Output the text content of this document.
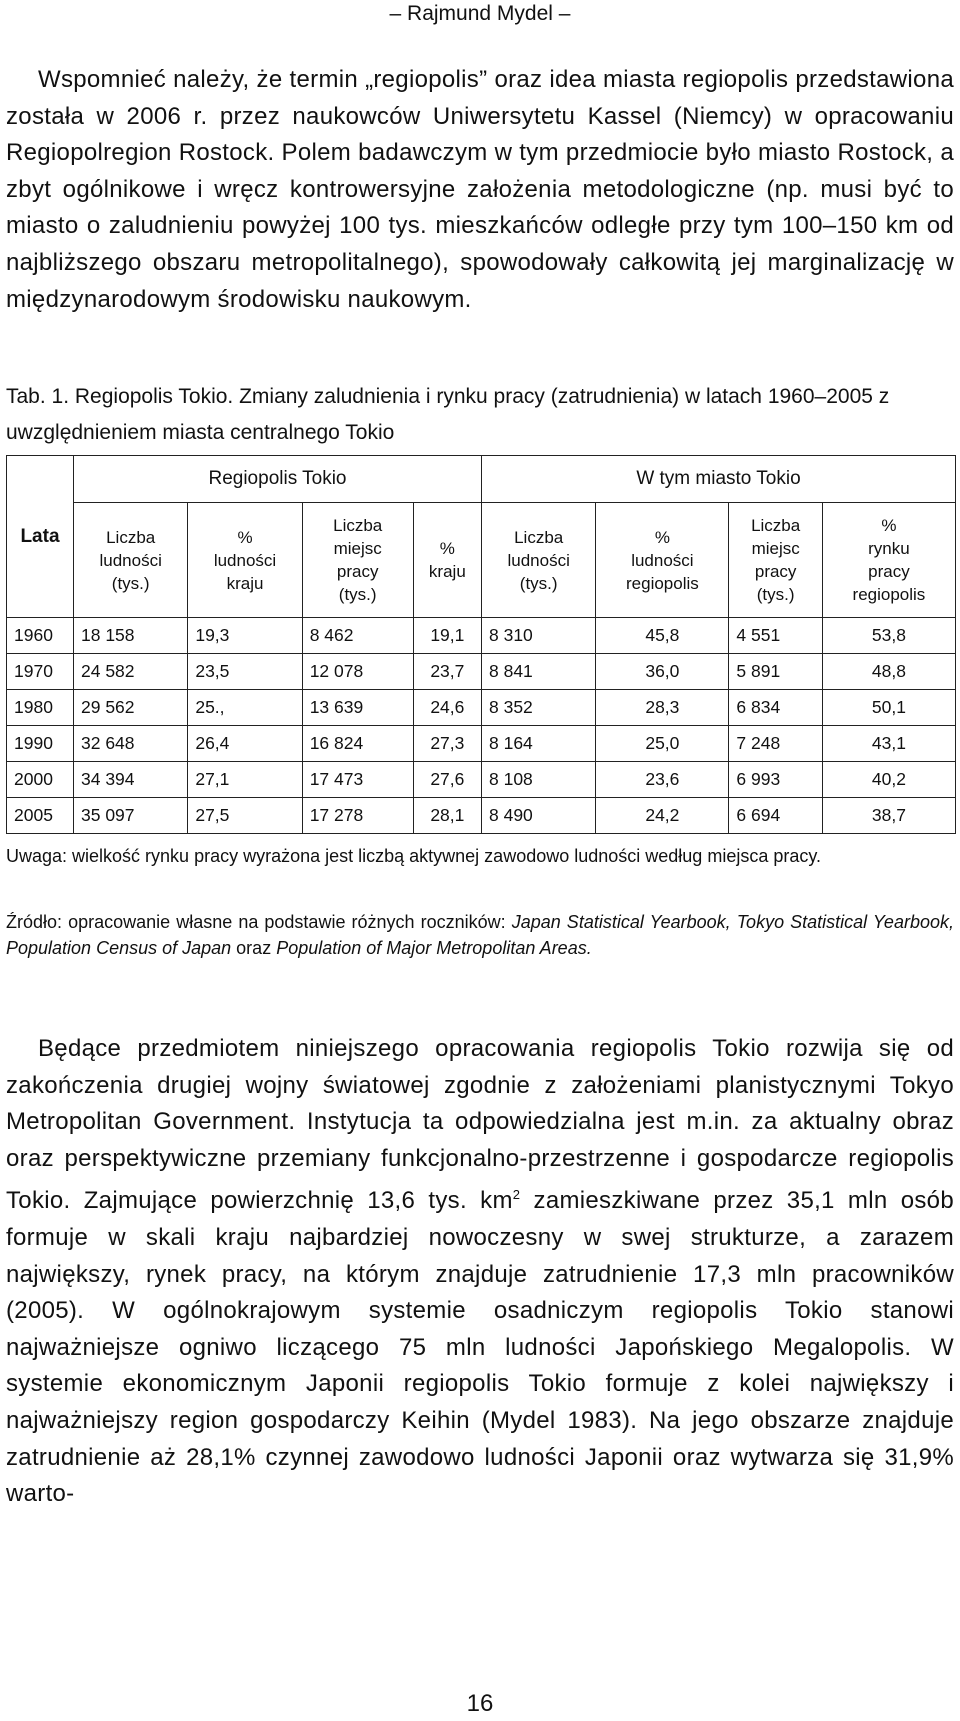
– Rajmund Mydel –

Wspomnieć należy, że termin „regiopolis” oraz idea miasta regiopolis przedstawiona została w 2006 r. przez naukowców Uniwersytetu Kassel (Niemcy) w opracowaniu Regiopolregion Rostock. Polem badawczym w tym przedmiocie było miasto Rostock, a zbyt ogólnikowe i wręcz kontrowersyjne założenia metodologiczne (np. musi być to miasto o zaludnieniu powyżej 100 tys. mieszkańców odległe przy tym 100–150 km od najbliższego obszaru metropolitalnego), spowodowały całkowitą jej marginalizację w międzynarodowym środowisku naukowym.

Tab. 1. Regiopolis Tokio. Zmiany zaludnienia i rynku pracy (zatrudnienia) w latach 1960–2005 z uwzględnieniem miasta centralnego Tokio

Lata	Regiopolis Tokio				W tym miasto Tokio			
	Liczba
ludności
(tys.)	%
ludności
kraju	Liczba
miejsc
pracy
(tys.)	%
kraju	Liczba
ludności
(tys.)	%
ludności
regiopolis	Liczba
miejsc
pracy
(tys.)	%
rynku
pracy
regiopolis
1960	18 158	19,3	8 462	19,1	8 310	45,8	4 551	53,8
1970	24 582	23,5	12 078	23,7	8 841	36,0	5 891	48,8
1980	29 562	25.,	13 639	24,6	8 352	28,3	6 834	50,1
1990	32 648	26,4	16 824	27,3	8 164	25,0	7 248	43,1
2000	34 394	27,1	17 473	27,6	8 108	23,6	6 993	40,2
2005	35 097	27,5	17 278	28,1	8 490	24,2	6 694	38,7

Uwaga: wielkość rynku pracy wyrażona jest liczbą aktywnej zawodowo ludności według miejsca pracy.

Źródło: opracowanie własne na podstawie różnych roczników: Japan Statistical Yearbook, Tokyo Statistical Yearbook, Population Census of Japan oraz Population of Major Metropolitan Areas.

Będące przedmiotem niniejszego opracowania regiopolis Tokio rozwija się od zakończenia drugiej wojny światowej zgodnie z założeniami planistycznymi Tokyo Metropolitan Government. Instytucja ta odpowiedzialna jest m.in. za aktualny obraz oraz perspektywiczne przemiany funkcjonalno-przestrzenne i gospodarcze regiopolis Tokio. Zajmujące powierzchnię 13,6 tys. $km^2$ zamieszkiwane przez 35,1 mln osób formuje w skali kraju najbardziej nowoczesny w swej strukturze, a zarazem największy, rynek pracy, na którym znajduje zatrudnienie 17,3 mln pracowników (2005). W ogólnokrajowym systemie osadniczym regiopolis Tokio stanowi najważniejsze ogniwo liczącego 75 mln ludności Japońskiego Megalopolis. W systemie ekonomicznym Japonii regiopolis Tokio formuje z kolei największy i najważniejszy region gospodarczy Keihin (Mydel 1983). Na jego obszarze znajduje zatrudnienie aż 28,1% czynnej zawodowo ludności Japonii oraz wytwarza się 31,9% warto-

16
